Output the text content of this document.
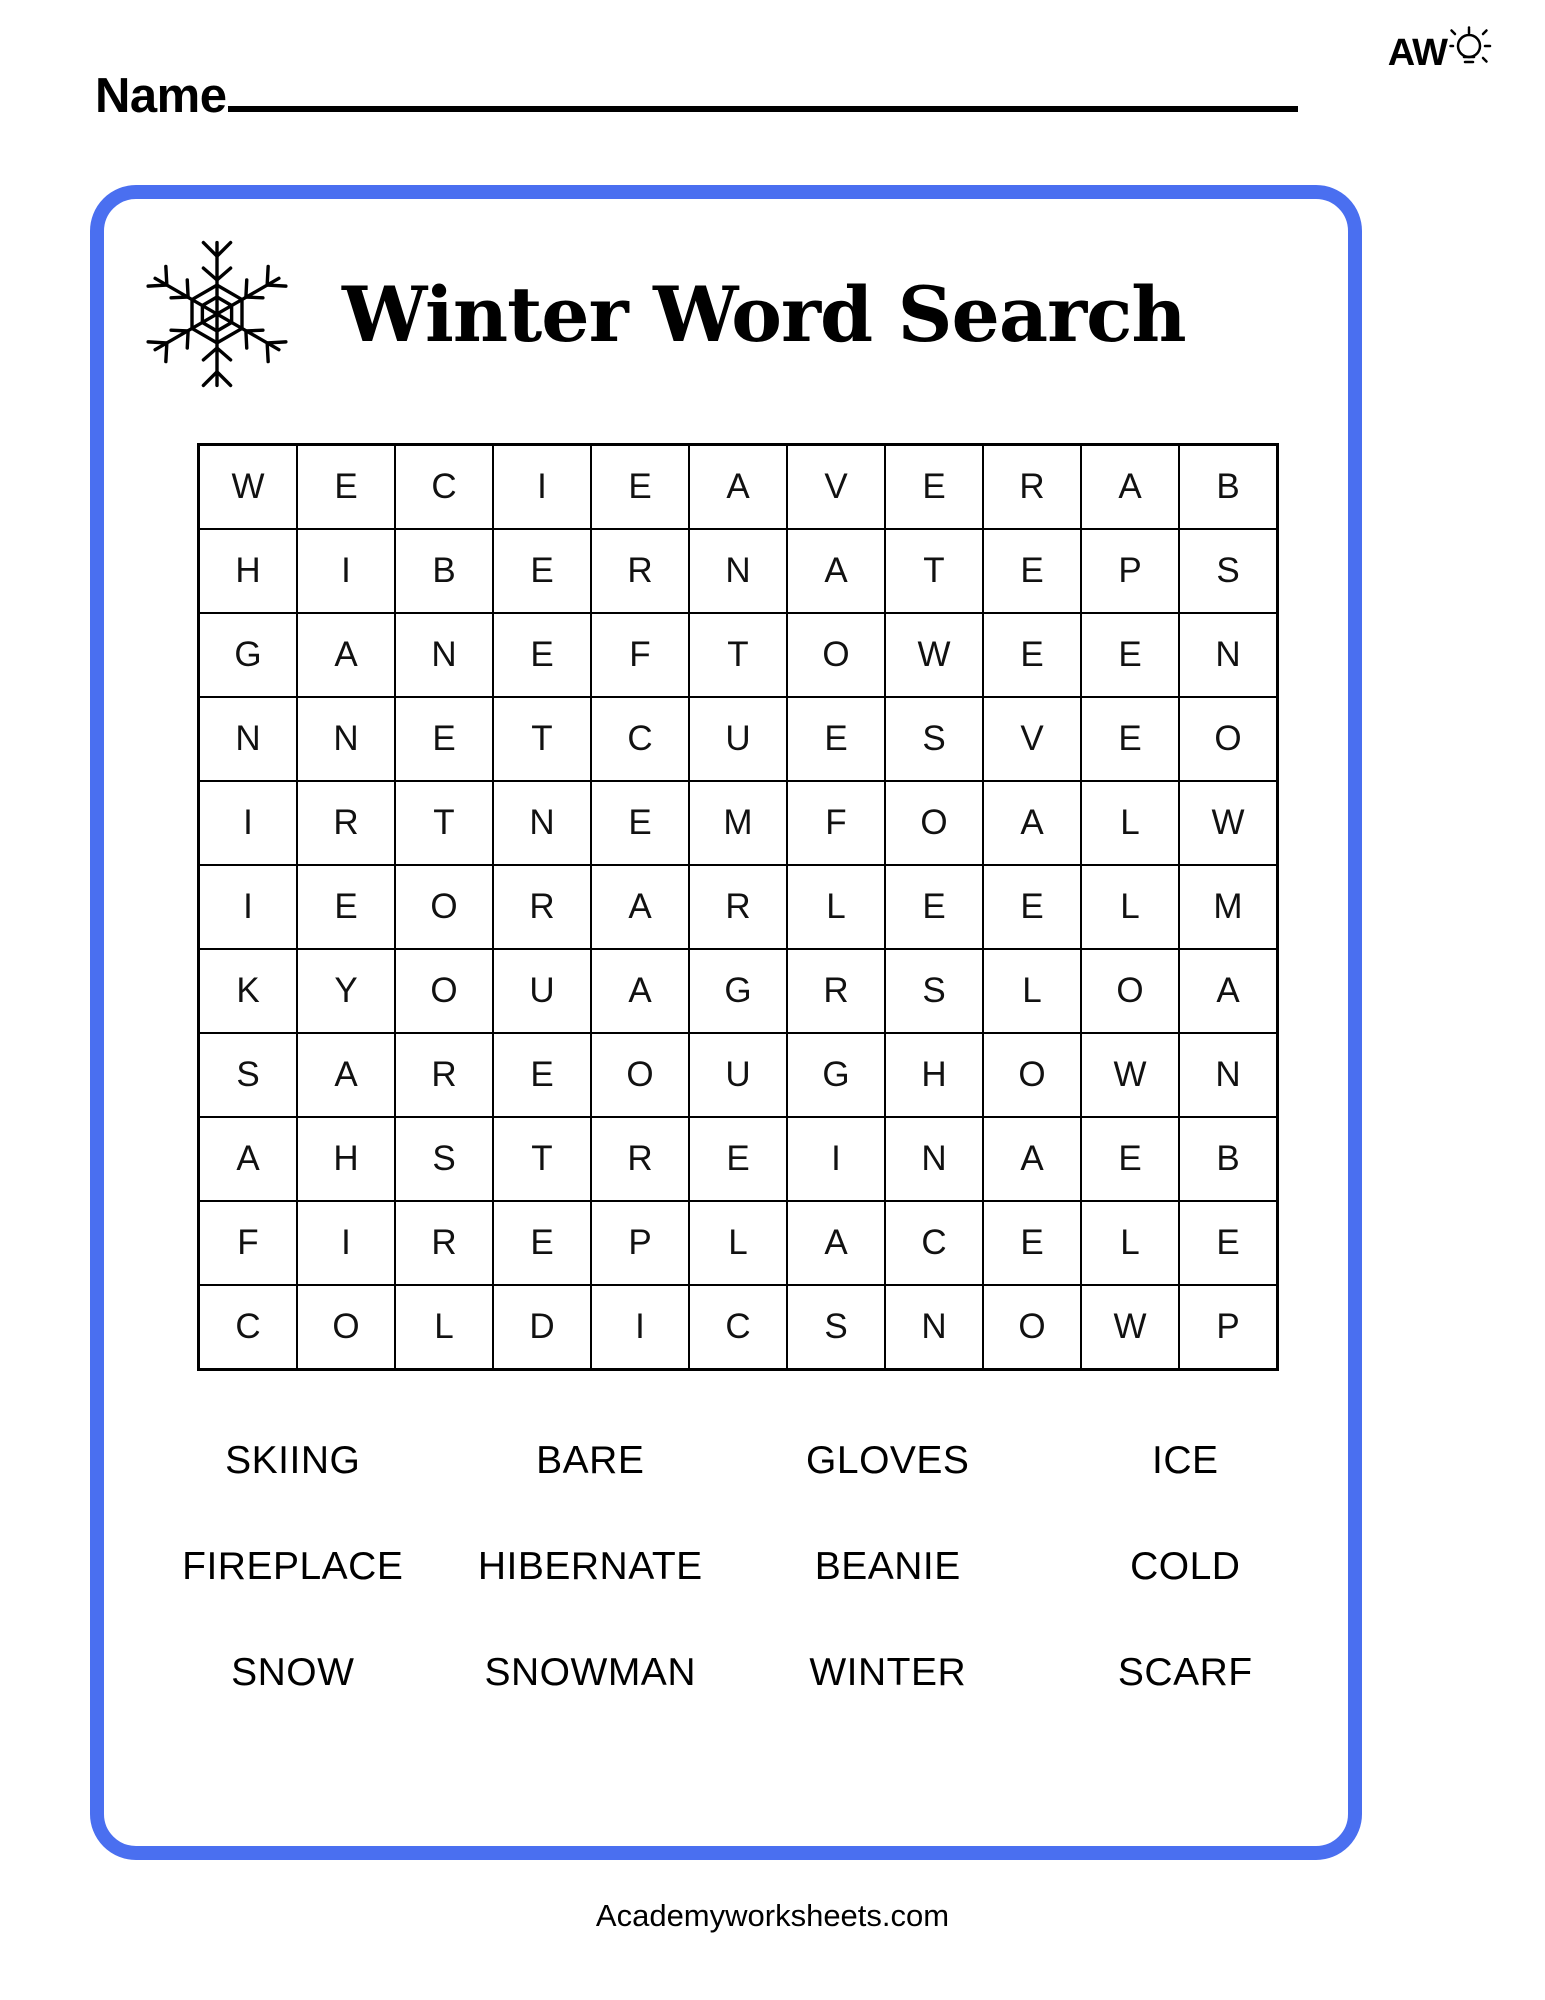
AW
Name
Winter Word Search
W	E	C	I	E	A	V	E	R	A	B
H	I	B	E	R	N	A	T	E	P	S
G	A	N	E	F	T	O	W	E	E	N
N	N	E	T	C	U	E	S	V	E	O
I	R	T	N	E	M	F	O	A	L	W
I	E	O	R	A	R	L	E	E	L	M
K	Y	O	U	A	G	R	S	L	O	A
S	A	R	E	O	U	G	H	O	W	N
A	H	S	T	R	E	I	N	A	E	B
F	I	R	E	P	L	A	C	E	L	E
C	O	L	D	I	C	S	N	O	W	P
SKIING	BARE	GLOVES	ICE
FIREPLACE	HIBERNATE	BEANIE	COLD
SNOW	SNOWMAN	WINTER	SCARF
Academyworksheets.com
